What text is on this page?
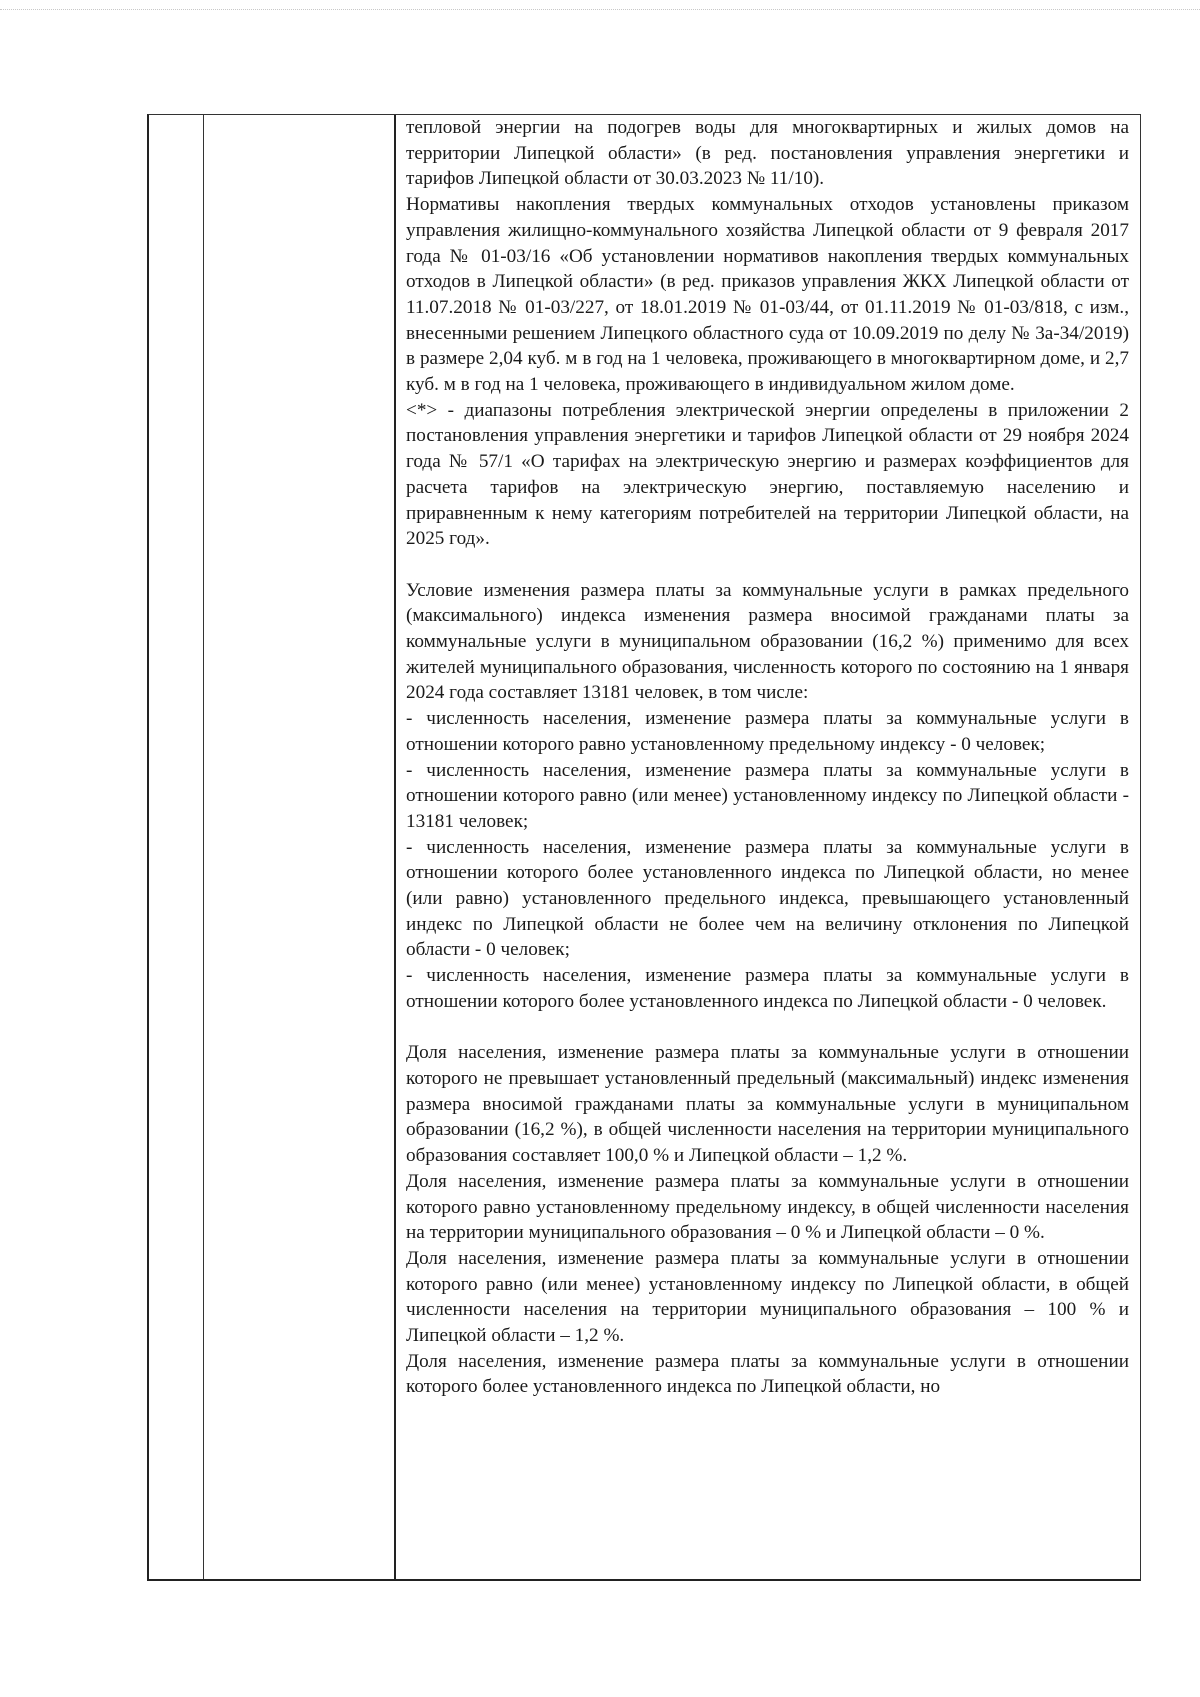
тепловой энергии на подогрев воды для многоквартирных и жилых домов на территории Липецкой области» (в ред. постановления управления энергетики и тарифов Липецкой области от 30.03.2023 № 11/10).

Нормативы накопления твердых коммунальных отходов установлены приказом управления жилищно-коммунального хозяйства Липецкой области от 9 февраля 2017 года № 01-03/16 «Об установлении нормативов накопления твердых коммунальных отходов в Липецкой области» (в ред. приказов управления ЖКХ Липецкой области от 11.07.2018 № 01-03/227, от 18.01.2019 № 01-03/44, от 01.11.2019 № 01-03/818, с изм., внесенными решением Липецкого областного суда от 10.09.2019 по делу № 3а-34/2019) в размере 2,04 куб. м в год на 1 человека, проживающего в многоквартирном доме, и 2,7 куб. м в год на 1 человека, проживающего в индивидуальном жилом доме.

<*> - диапазоны потребления электрической энергии определены в приложении 2 постановления управления энергетики и тарифов Липецкой области от 29 ноября 2024 года № 57/1 «О тарифах на электрическую энергию и размерах коэффициентов для расчета тарифов на электрическую энергию, поставляемую населению и приравненным к нему категориям потребителей на территории Липецкой области, на 2025 год».

Условие изменения размера платы за коммунальные услуги в рамках предельного (максимального) индекса изменения размера вносимой гражданами платы за коммунальные услуги в муниципальном образовании (16,2 %) применимо для всех жителей муниципального образования, численность которого по состоянию на 1 января 2024 года составляет 13181 человек, в том числе:

- численность населения, изменение размера платы за коммунальные услуги в отношении которого равно установленному предельному индексу - 0 человек;

- численность населения, изменение размера платы за коммунальные услуги в отношении которого равно (или менее) установленному индексу по Липецкой области - 13181 человек;

- численность населения, изменение размера платы за коммунальные услуги в отношении которого более установленного индекса по Липецкой области, но менее (или равно) установленного предельного индекса, превышающего установленный индекс по Липецкой области не более чем на величину отклонения по Липецкой области - 0 человек;

- численность населения, изменение размера платы за коммунальные услуги в отношении которого более установленного индекса по Липецкой области - 0 человек.

Доля населения, изменение размера платы за коммунальные услуги в отношении которого не превышает установленный предельный (максимальный) индекс изменения размера вносимой гражданами платы за коммунальные услуги в муниципальном образовании (16,2 %), в общей численности населения на территории муниципального образования составляет 100,0 % и Липецкой области – 1,2 %.

Доля населения, изменение размера платы за коммунальные услуги в отношении которого равно установленному предельному индексу, в общей численности населения на территории муниципального образования – 0 % и Липецкой области – 0 %.

Доля населения, изменение размера платы за коммунальные услуги в отношении которого равно (или менее) установленному индексу по Липецкой области, в общей численности населения на территории муниципального образования – 100 % и Липецкой области – 1,2 %.

Доля населения, изменение размера платы за коммунальные услуги в отношении которого более установленного индекса по Липецкой области, но
